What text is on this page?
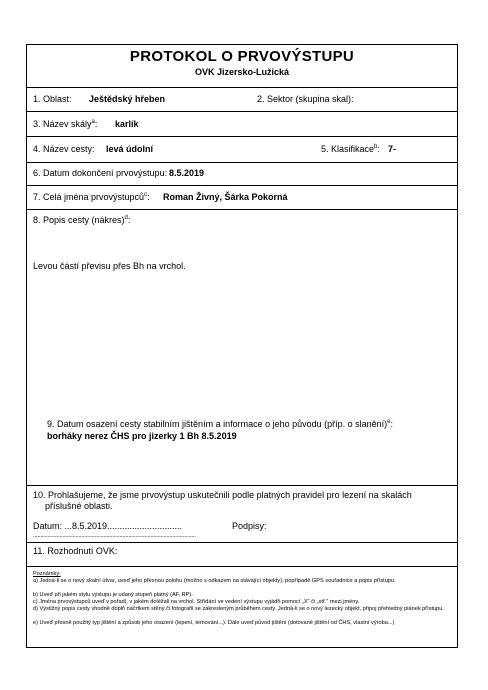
PROTOKOL O PRVOVÝSTUPU
OVK Jizersko-Lužická
1. Oblast: Ještědský hřeben	2. Sektor (skupina skal):
3. Název skály$^a$: karlík
4. Název cesty: levá údolní	5. Klasifikace$^b$: 7-
6. Datum dokončení prvovýstupu: 8.5.2019
7. Celá jména prvovýstupců$^c$: Roman Živný, Šárka Pokorná
8. Popis cesty (nákres)$^d$:
Levou částí převisu přes Bh na vrchol.
9. Datum osazení cesty stabilním jištěním a informace o jeho původu (příp. o slanění)$^e$:
borháky nerez ČHS pro jizerky 1 Bh 8.5.2019
10. Prohlašujeme, že jsme prvovýstup uskutečnili podle platných pravidel pro lezení na skalách
příslušné oblasti.
Datum: ...8.5.2019..............................	Podpisy:
...............................................................................................................
11. Rozhodnutí OVK:
Poznámky:
a) Jedná-li se o nový skalní útvar, uveď jeho přesnou polohu (možno s odkazem na stávající objekty), popřípadě GPS souřadnice a popis přístupu.
b) Uveď při jakém stylu výstupu je udaný stupeň platný (AF, RP).
c) Jména prvovýstupců uveď v pořadí, v jakém doléžali na vrchol. Střídání ve vedení výstupu vyjádři pomocí „X" či „stř." mezi jmény.
d) Výstižný popis cesty vhodně doplň náčrtkem stěny či fotografií se zakresleným průběhem cesty. Jedná-li se o nový lezecký objekt, připoj přehledný plánek přístupu.
e) Uveď přesně použitý typ jištění a způsob jeho osazení (lepení, temování...). Dále uveď původ jištění (dotované jištění od ČHS, vlastní výroba...)
